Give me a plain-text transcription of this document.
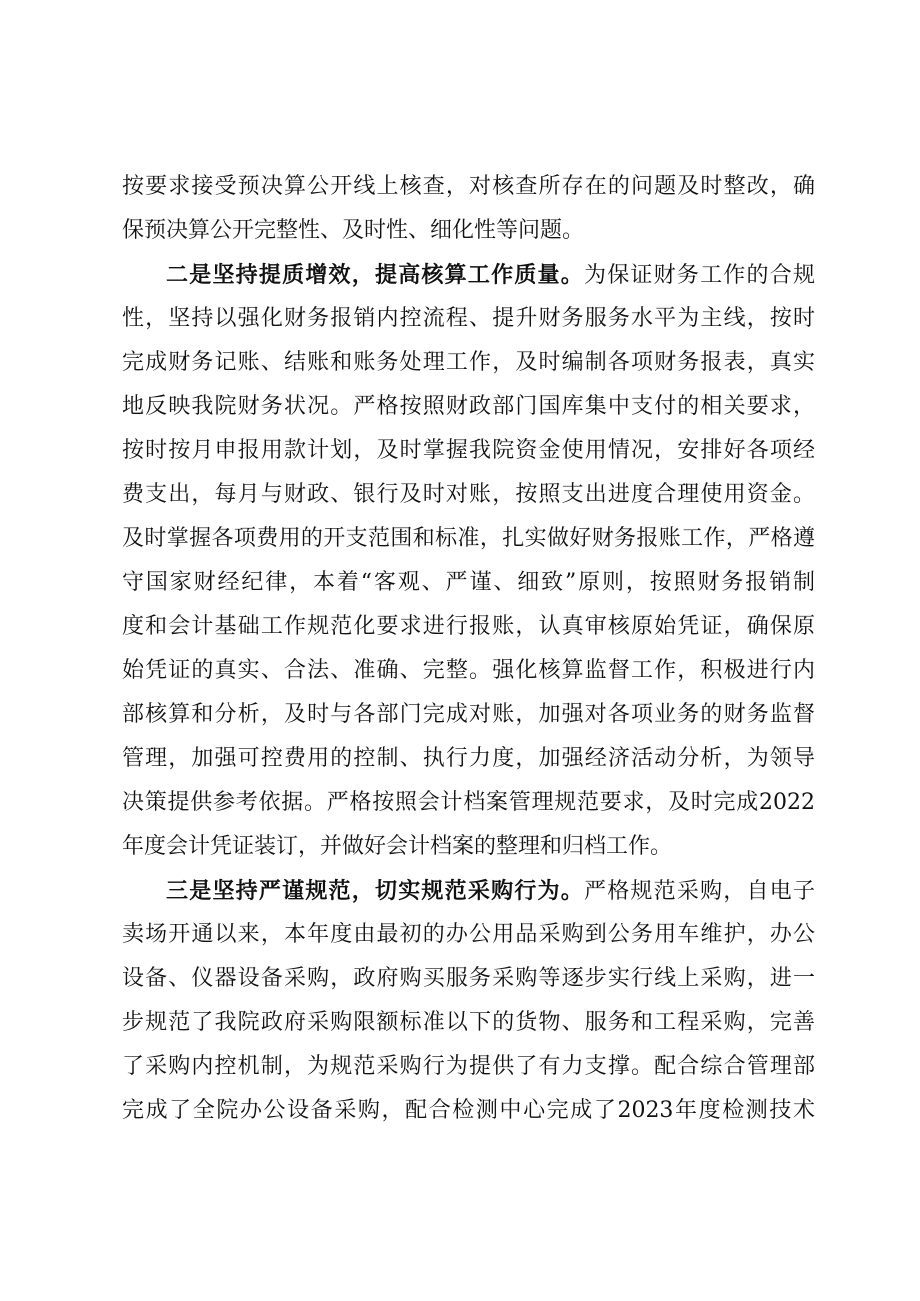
按要求接受预决算公开线上核查，对核查所存在的问题及时整改，确
保预决算公开完整性、及时性、细化性等问题。
二是坚持提质增效，提高核算工作质量。为保证财务工作的合规
性，坚持以强化财务报销内控流程、提升财务服务水平为主线，按时
完成财务记账、结账和账务处理工作，及时编制各项财务报表，真实
地反映我院财务状况。严格按照财政部门国库集中支付的相关要求，
按时按月申报用款计划，及时掌握我院资金使用情况，安排好各项经
费支出，每月与财政、银行及时对账，按照支出进度合理使用资金。
及时掌握各项费用的开支范围和标准，扎实做好财务报账工作，严格遵
守国家财经纪律，本着“客观、严谨、细致”原则，按照财务报销制
度和会计基础工作规范化要求进行报账，认真审核原始凭证，确保原
始凭证的真实、合法、准确、完整。强化核算监督工作，积极进行内
部核算和分析，及时与各部门完成对账，加强对各项业务的财务监督
管理，加强可控费用的控制、执行力度，加强经济活动分析，为领导
决策提供参考依据。严格按照会计档案管理规范要求，及时完成2022
年度会计凭证装订，并做好会计档案的整理和归档工作。
三是坚持严谨规范，切实规范采购行为。严格规范采购，自电子
卖场开通以来，本年度由最初的办公用品采购到公务用车维护，办公
设备、仪器设备采购，政府购买服务采购等逐步实行线上采购，进一
步规范了我院政府采购限额标准以下的货物、服务和工程采购，完善
了采购内控机制，为规范采购行为提供了有力支撑。配合综合管理部
完成了全院办公设备采购，配合检测中心完成了2023年度检测技术
